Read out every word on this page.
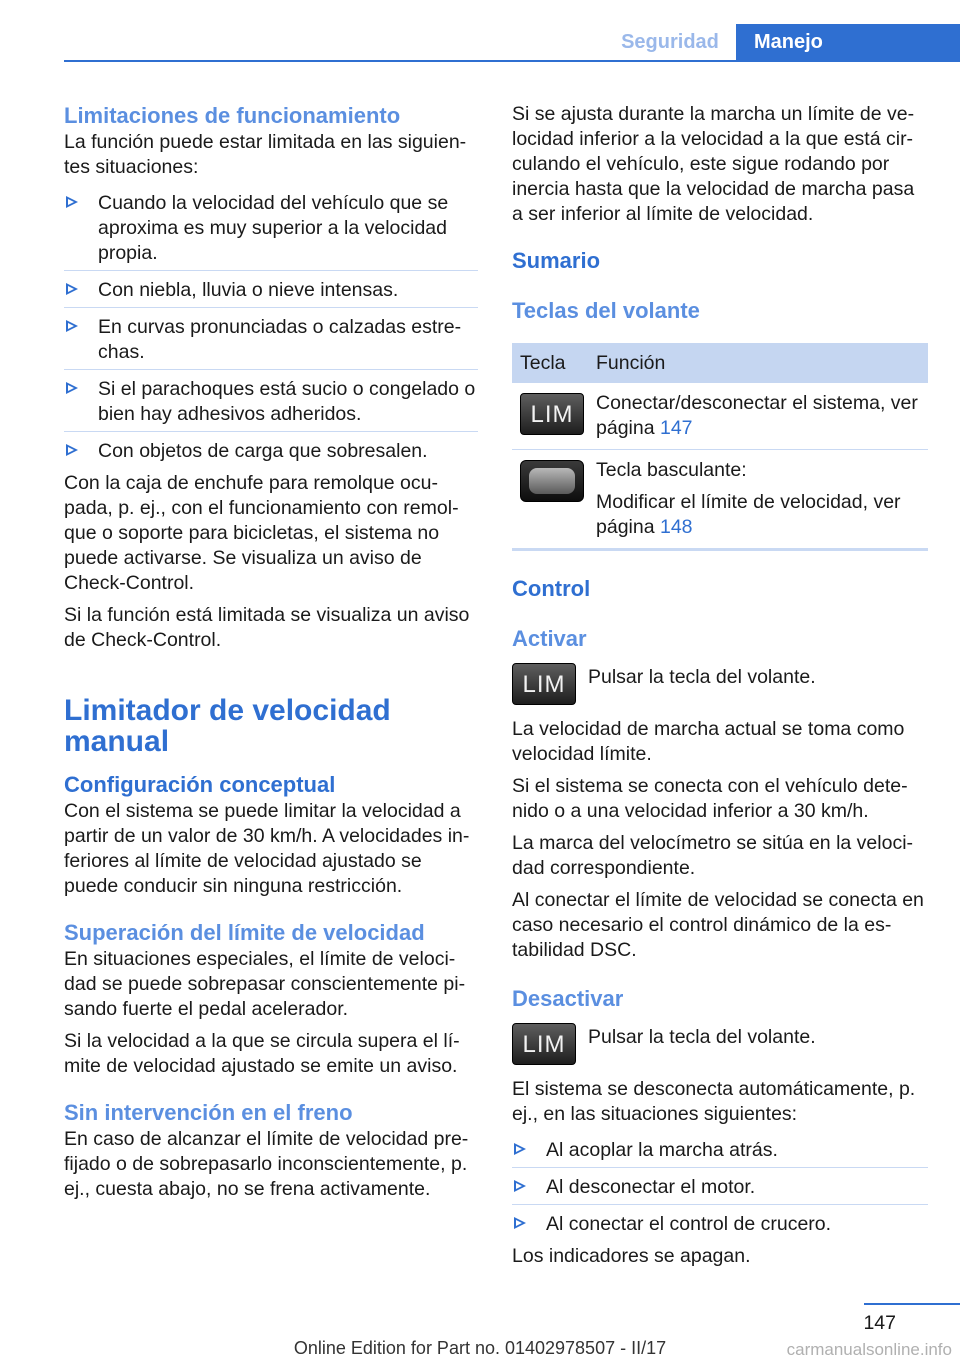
Seguridad	Manejo
Limitaciones de funcionamiento
La función puede estar limitada en las siguien-tes situaciones:
Cuando la velocidad del vehículo que se aproxima es muy superior a la velocidad propia.
Con niebla, lluvia o nieve intensas.
En curvas pronunciadas o calzadas estre-chas.
Si el parachoques está sucio o congelado o bien hay adhesivos adheridos.
Con objetos de carga que sobresalen.
Con la caja de enchufe para remolque ocu-pada, p. ej., con el funcionamiento con remol-que o soporte para bicicletas, el sistema no puede activarse. Se visualiza un aviso de Check-Control.
Si la función está limitada se visualiza un aviso de Check-Control.
Limitador de velocidad manual
Configuración conceptual
Con el sistema se puede limitar la velocidad a partir de un valor de 30 km/h. A velocidades in-feriores al límite de velocidad ajustado se puede conducir sin ninguna restricción.
Superación del límite de velocidad
En situaciones especiales, el límite de veloci-dad se puede sobrepasar conscientemente pi-sando fuerte el pedal acelerador.
Si la velocidad a la que se circula supera el lí-mite de velocidad ajustado se emite un aviso.
Sin intervención en el freno
En caso de alcanzar el límite de velocidad pre-fijado o de sobrepasarlo inconscientemente, p. ej., cuesta abajo, no se frena activamente.
Si se ajusta durante la marcha un límite de ve-locidad inferior a la velocidad a la que está cir-culando el vehículo, este sigue rodando por inercia hasta que la velocidad de marcha pasa a ser inferior al límite de velocidad.
Sumario
Teclas del volante
Tecla	Función
LIM	Conectar/desconectar el sistema, ver página 147
Tecla basculante:
Modificar el límite de velocidad, ver página 148
Control
Activar
LIM	Pulsar la tecla del volante.
La velocidad de marcha actual se toma como velocidad límite.
Si el sistema se conecta con el vehículo dete-nido o a una velocidad inferior a 30 km/h.
La marca del velocímetro se sitúa en la veloci-dad correspondiente.
Al conectar el límite de velocidad se conecta en caso necesario el control dinámico de la es-tabilidad DSC.
Desactivar
LIM	Pulsar la tecla del volante.
El sistema se desconecta automáticamente, p. ej., en las situaciones siguientes:
Al acoplar la marcha atrás.
Al desconectar el motor.
Al conectar el control de crucero.
Los indicadores se apagan.
147
Online Edition for Part no. 01402978507 - II/17	carmanualsonline.info
